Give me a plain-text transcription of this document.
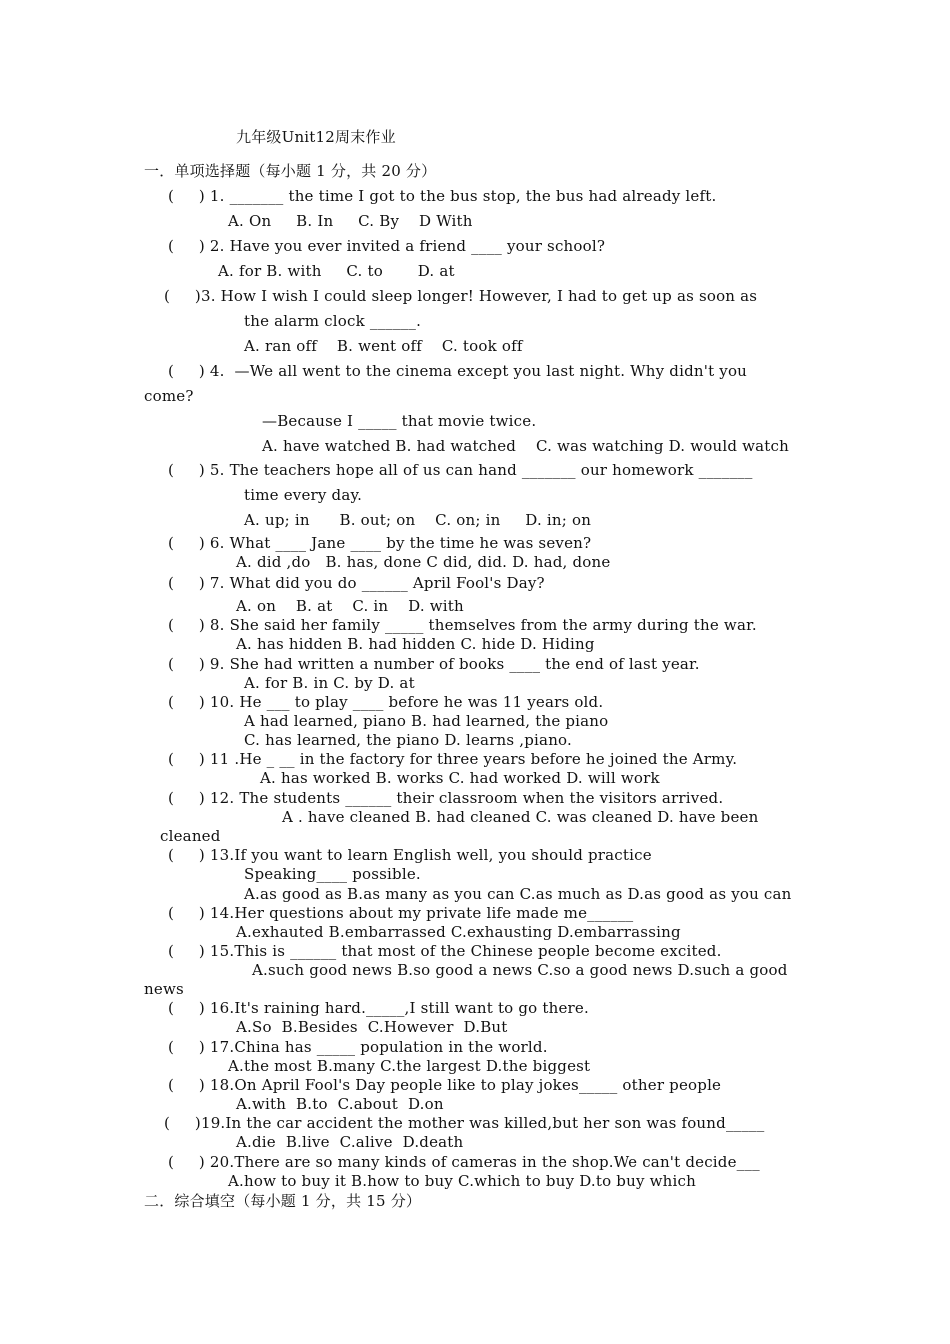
九年级Unit12周末作业
一．单项选择题（每小题 1 分，共 20 分）
(     ) 1. _______ the time I got to the bus stop, the bus had already left.
A. On     B. In     C. By    D With
(     ) 2. Have you ever invited a friend ____ your school?
A. for B. with     C. to       D. at
(     )3. How I wish I could sleep longer! However, I had to get up as soon as
the alarm clock ______.
A. ran off    B. went off    C. took off
(     ) 4.  —We all went to the cinema except you last night. Why didn't you
come?
—Because I _____ that movie twice.
A. have watched B. had watched    C. was watching D. would watch
(     ) 5. The teachers hope all of us can hand _______ our homework _______
time every day.
A. up; in      B. out; on    C. on; in     D. in; on
(     ) 6. What ____ Jane ____ by the time he was seven?
A. did ,do   B. has, done C did, did. D. had, done
(     ) 7. What did you do ______ April Fool's Day?
A. on    B. at    C. in    D. with
(     ) 8. She said her family _____ themselves from the army during the war.
A. has hidden B. had hidden C. hide D. Hiding
(     ) 9. She had written a number of books ____ the end of last year.
A. for B. in C. by D. at
(     ) 10. He ___ to play ____ before he was 11 years old.
A had learned, piano B. had learned, the piano
C. has learned, the piano D. learns ,piano.
(     ) 11 .He _ __ in the factory for three years before he joined the Army.
A. has worked B. works C. had worked D. will work
(     ) 12. The students ______ their classroom when the visitors arrived.
A . have cleaned B. had cleaned C. was cleaned D. have been
cleaned
(     ) 13.If you want to learn English well, you should practice
Speaking____ possible.
A.as good as B.as many as you can C.as much as D.as good as you can
(     ) 14.Her questions about my private life made me______
A.exhauted B.embarrassed C.exhausting D.embarrassing
(     ) 15.This is ______ that most of the Chinese people become excited.
A.such good news B.so good a news C.so a good news D.such a good
news
(     ) 16.It's raining hard._____,I still want to go there.
A.So  B.Besides  C.However  D.But
(     ) 17.China has _____ population in the world.
A.the most B.many C.the largest D.the biggest
(     ) 18.On April Fool's Day people like to play jokes_____ other people
A.with  B.to  C.about  D.on
(     )19.In the car accident the mother was killed,but her son was found_____
A.die  B.live  C.alive  D.death
(     ) 20.There are so many kinds of cameras in the shop.We can't decide___
A.how to buy it B.how to buy C.which to buy D.to buy which
二．综合填空（每小题 1 分，共 15 分）
